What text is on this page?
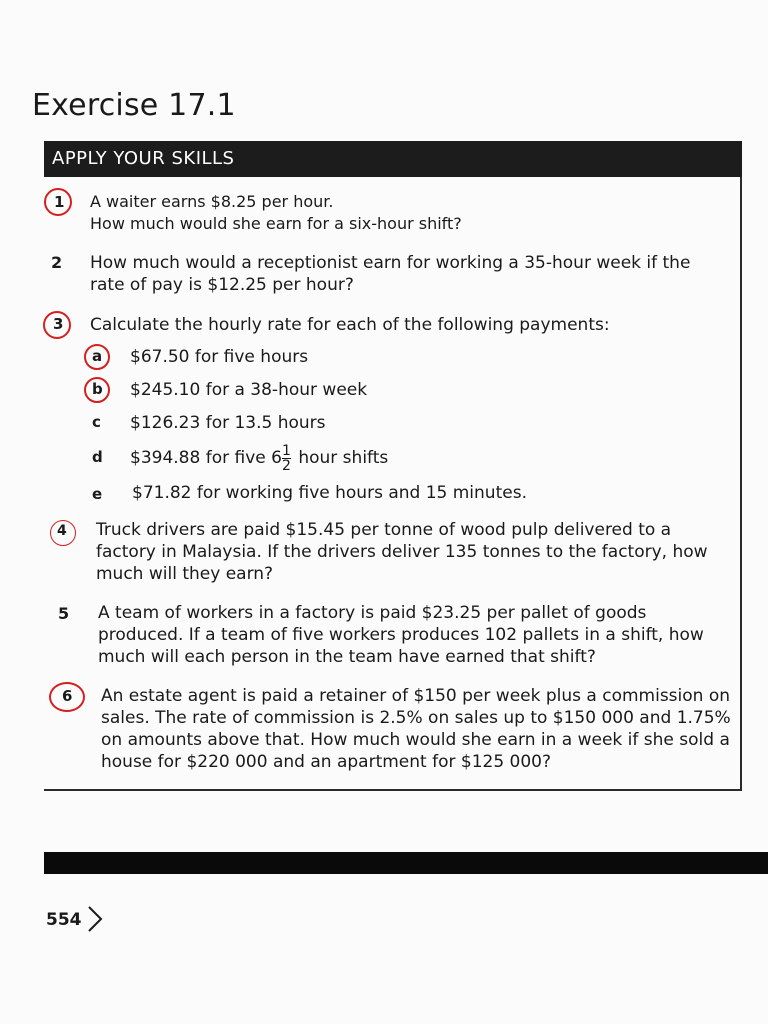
Exercise 17.1
APPLY YOUR SKILLS
1 A waiter earns $8.25 per hour.
How much would she earn for a six-hour shift?
2 How much would a receptionist earn for working a 35-hour week if the
rate of pay is $12.25 per hour?
3 Calculate the hourly rate for each of the following payments:
a $67.50 for five hours
b $245.10 for a 38-hour week
c $126.23 for 13.5 hours
d $394.88 for five $6 \frac{1}{2}$ hour shifts
e $71.82 for working five hours and 15 minutes.
4 Truck drivers are paid $15.45 per tonne of wood pulp delivered to a
factory in Malaysia. If the drivers deliver 135 tonnes to the factory, how
much will they earn?
5 A team of workers in a factory is paid $23.25 per pallet of goods
produced. If a team of five workers produces 102 pallets in a shift, how
much will each person in the team have earned that shift?
6 An estate agent is paid a retainer of $150 per week plus a commission on
sales. The rate of commission is 2.5% on sales up to $150 000 and 1.75%
on amounts above that. How much would she earn in a week if she sold a
house for $220 000 and an apartment for $125 000?
554
